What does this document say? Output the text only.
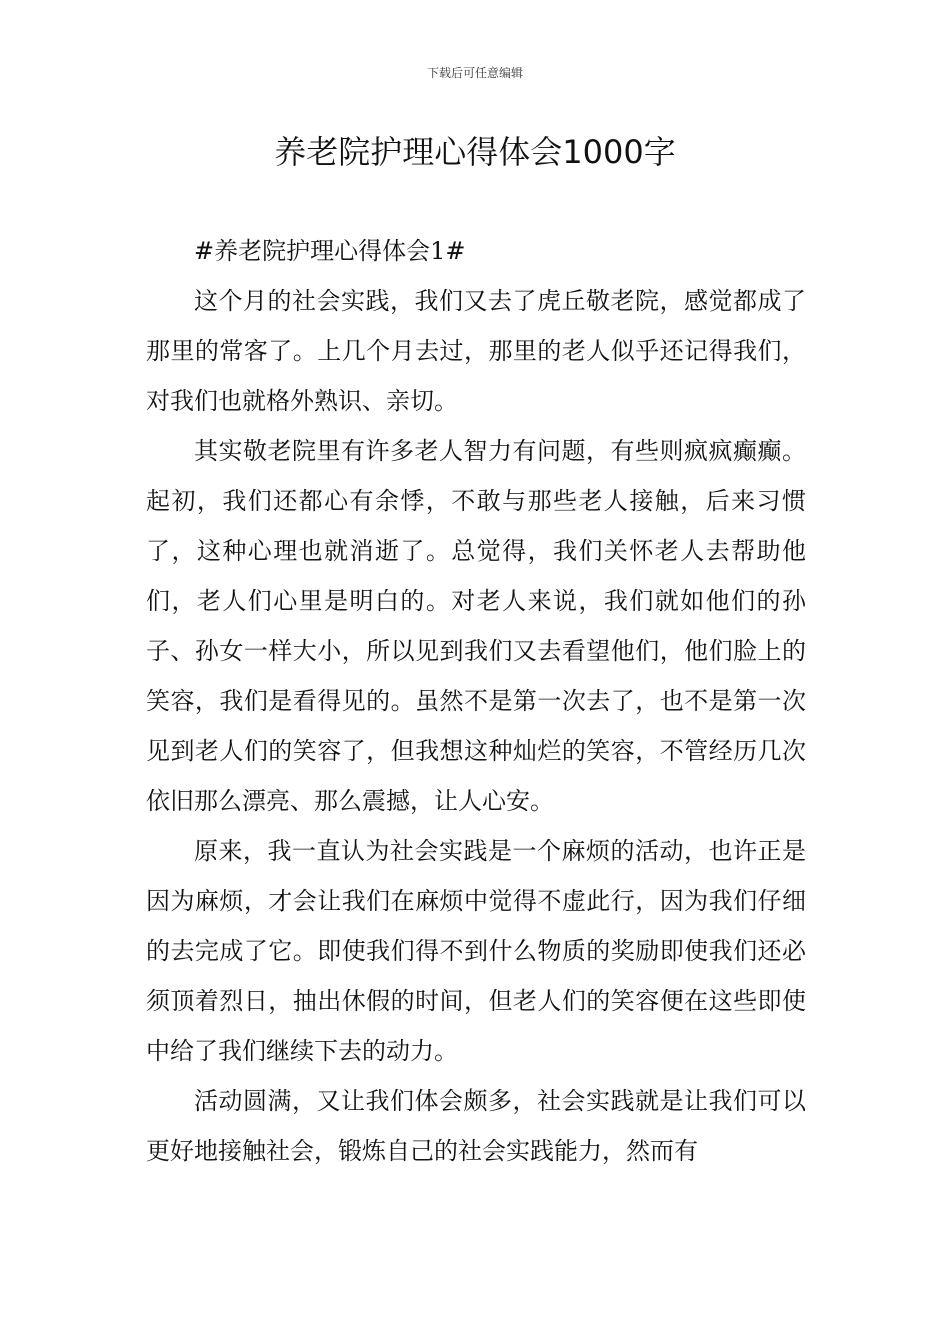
下载后可任意编辑
养老院护理心得体会1000字

#养老院护理心得体会1#

这个月的社会实践，我们又去了虎丘敬老院，感觉都成了那里的常客了。上几个月去过，那里的老人似乎还记得我们，对我们也就格外熟识、亲切。

其实敬老院里有许多老人智力有问题，有些则疯疯癫癫。起初，我们还都心有余悸，不敢与那些老人接触，后来习惯了，这种心理也就消逝了。总觉得，我们关怀老人去帮助他们，老人们心里是明白的。对老人来说，我们就如他们的孙子、孙女一样大小，所以见到我们又去看望他们，他们脸上的笑容，我们是看得见的。虽然不是第一次去了，也不是第一次见到老人们的笑容了，但我想这种灿烂的笑容，不管经历几次依旧那么漂亮、那么震撼，让人心安。

原来，我一直认为社会实践是一个麻烦的活动，也许正是因为麻烦，才会让我们在麻烦中觉得不虚此行，因为我们仔细的去完成了它。即使我们得不到什么物质的奖励即使我们还必须顶着烈日，抽出休假的时间，但老人们的笑容便在这些即使中给了我们继续下去的动力。

活动圆满，又让我们体会颇多，社会实践就是让我们可以更好地接触社会，锻炼自己的社会实践能力，然而有
